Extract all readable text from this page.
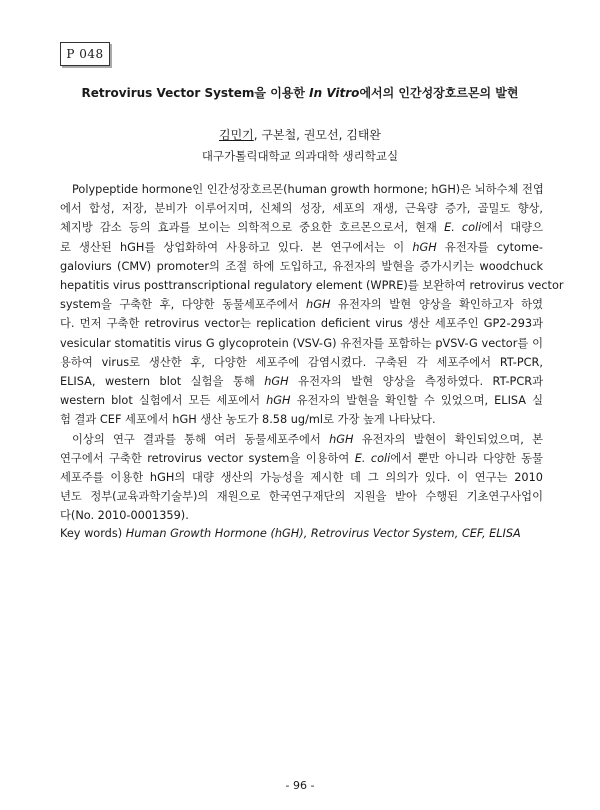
P 048
Retrovirus Vector System을 이용한 In Vitro에서의 인간성장호르몬의 발현
김민기, 구본철, 권모선, 김태완
대구가톨릭대학교 의과대학 생리학교실
Polypeptide hormone인 인간성장호르몬(human growth hormone; hGH)은 뇌하수체 전엽
에서 합성, 저장, 분비가 이루어지며, 신체의 성장, 세포의 재생, 근육량 증가, 골밀도 향상,
체지방 감소 등의 효과를 보이는 의학적으로 중요한 호르몬으로서, 현재 E. coli에서 대량으
로 생산된 hGH를 상업화하여 사용하고 있다. 본 연구에서는 이 hGH 유전자를 cytome-
galoviurs (CMV) promoter의 조절 하에 도입하고, 유전자의 발현을 증가시키는 woodchuck
hepatitis virus posttranscriptional regulatory element (WPRE)를 보완하여 retrovirus vector
system을 구축한 후, 다양한 동물세포주에서 hGH 유전자의 발현 양상을 확인하고자 하였
다. 먼저 구축한 retrovirus vector는 replication deficient virus 생산 세포주인 GP2-293과
vesicular stomatitis virus G glycoprotein (VSV-G) 유전자를 포함하는 pVSV-G vector를 이
용하여 virus로 생산한 후, 다양한 세포주에 감염시켰다. 구축된 각 세포주에서 RT-PCR,
ELISA, western blot 실험을 통해 hGH 유전자의 발현 양상을 측정하였다. RT-PCR과
western blot 실험에서 모든 세포에서 hGH 유전자의 발현을 확인할 수 있었으며, ELISA 실
험 결과 CEF 세포에서 hGH 생산 농도가 8.58 ug/ml로 가장 높게 나타났다.
이상의 연구 결과를 통해 여러 동물세포주에서 hGH 유전자의 발현이 확인되었으며, 본
연구에서 구축한 retrovirus vector system을 이용하여 E. coli에서 뿐만 아니라 다양한 동물
세포주를 이용한 hGH의 대량 생산의 가능성을 제시한 데 그 의의가 있다. 이 연구는 2010
년도 정부(교육과학기술부)의 재원으로 한국연구재단의 지원을 받아 수행된 기초연구사업이
다(No. 2010-0001359).
Key words) Human Growth Hormone (hGH), Retrovirus Vector System, CEF, ELISA
- 96 -
